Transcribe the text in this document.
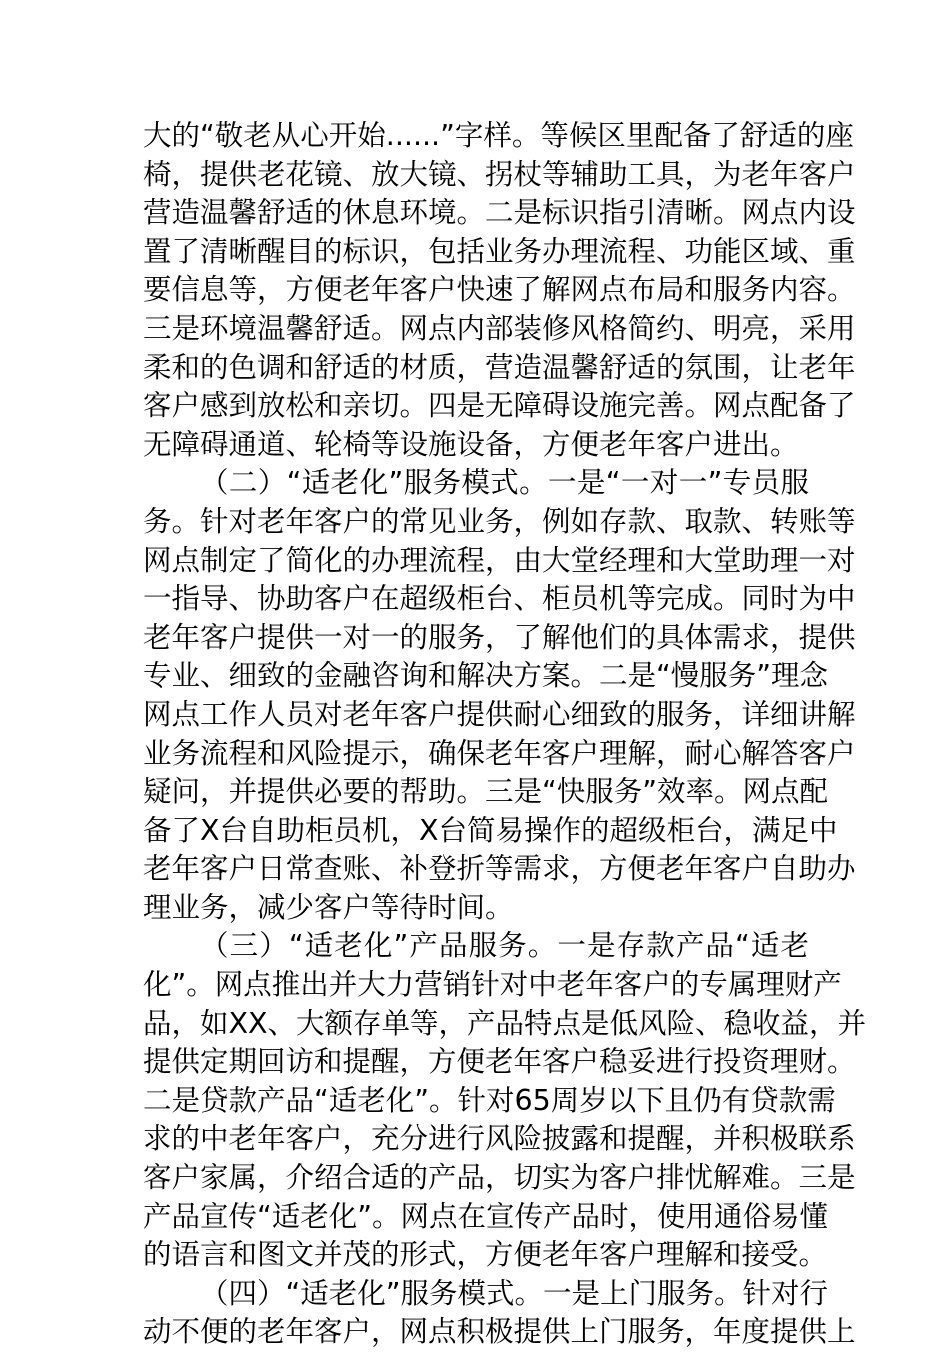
大的“敬老从心开始......”字样。等候区里配备了舒适的座
椅，提供老花镜、放大镜、拐杖等辅助工具，为老年客户
营造温馨舒适的休息环境。二是标识指引清晰。网点内设
置了清晰醒目的标识，包括业务办理流程、功能区域、重
要信息等，方便老年客户快速了解网点布局和服务内容。
三是环境温馨舒适。网点内部装修风格简约、明亮，采用
柔和的色调和舒适的材质，营造温馨舒适的氛围，让老年
客户感到放松和亲切。四是无障碍设施完善。网点配备了
无障碍通道、轮椅等设施设备，方便老年客户进出。
（二）“适老化”服务模式。一是“一对一”专员服
务。针对老年客户的常见业务，例如存款、取款、转账等
网点制定了简化的办理流程，由大堂经理和大堂助理一对
一指导、协助客户在超级柜台、柜员机等完成。同时为中
老年客户提供一对一的服务，了解他们的具体需求，提供
专业、细致的金融咨询和解决方案。二是“慢服务”理念
网点工作人员对老年客户提供耐心细致的服务，详细讲解
业务流程和风险提示，确保老年客户理解，耐心解答客户
疑问，并提供必要的帮助。三是“快服务”效率。网点配
备了X台自助柜员机，X台简易操作的超级柜台，满足中
老年客户日常查账、补登折等需求，方便老年客户自助办
理业务，减少客户等待时间。
（三）“适老化”产品服务。一是存款产品“适老
化”。网点推出并大力营销针对中老年客户的专属理财产
品，如XX、大额存单等，产品特点是低风险、稳收益，并
提供定期回访和提醒，方便老年客户稳妥进行投资理财。
二是贷款产品“适老化”。针对65周岁以下且仍有贷款需
求的中老年客户，充分进行风险披露和提醒，并积极联系
客户家属，介绍合适的产品，切实为客户排忧解难。三是
产品宣传“适老化”。网点在宣传产品时，使用通俗易懂
的语言和图文并茂的形式，方便老年客户理解和接受。
（四）“适老化”服务模式。一是上门服务。针对行
动不便的老年客户，网点积极提供上门服务，年度提供上
